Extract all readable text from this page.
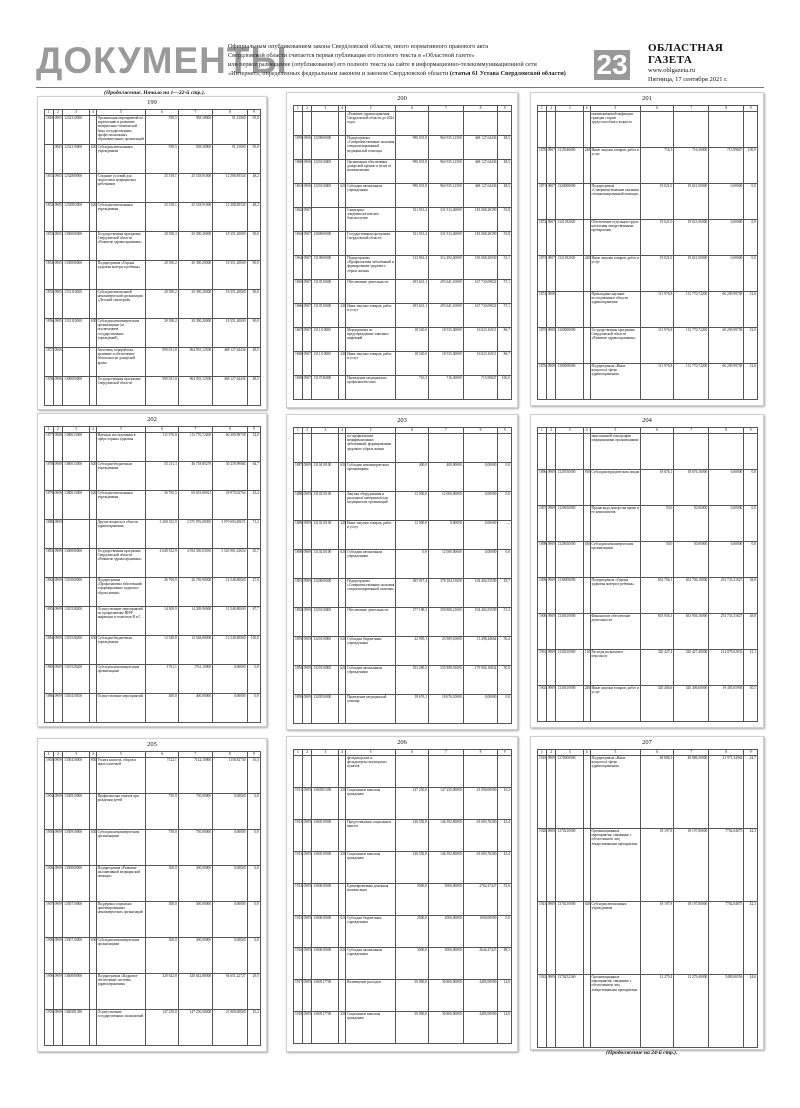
ДОКУМЕНТЫ
Официальным опубликованием закона Свердловской области, иного нормативного правового акта
Свердловской области считается первая публикация его полного текста в «Областной газете»
или первое размещение (опубликование) его полного текста на сайте в информационно-телекоммуникационной сети
«Интернет», определенных федеральным законом и законом Свердловской области (статья 61 Устава Свердловской области)	23
ОБЛАСТНАЯ ГАЗЕТА
www.oblgazeta.ru
Пятница, 17 сентября 2021 г.
(Продолжение. Начало на 1—22-й стр.).
(Продолжение на 24-й стр.).
199
1	2	3	4	5	6	7	8	9
1849.	0905	1232310000		Организация мероприятий по укреплению и развитию материально-технической базы государственных профессиональных образовательных организаций	958,5	958,58000	91,15000	95,0
	0905	1232310000	620	Субсидии автономным учреждениям	958,5	958,58000	91,15000	95,0
1851.	0905	1232800000		Создание условий для подготовки медицинских работников	25 518,1	25 518,91000	12 308,85334	48,2
1852.	0905	1232803000	620	Субсидии автономным учреждениям	25 518,1	25 518,91000	12 308,85334	48,2
1853.	0905	1300000000		Государственная программа Свердловской области «Развитие здравоохранения»	20 390,3	20 390,20000	18 351,20000	90,0
1854.	0905	1330000000		Подпрограмма «Охрана здоровья матери и ребенка»	20 390,2	20 390,20000	18 351,20000	90,0
1855.	0905	1331110000		Субсидии автономной некоммерческой организации «Детский санаторий»	20 390,2	20 390,20000	18 351,20000	90,0
1856.	0905	1331110000	630	Субсидии некоммерческим организациям (за исключением государственных учреждений)	20 390,2	20 390,20000	18 351,20000	90,0
1857.	0906			Заготовка, переработка, хранение и обеспечение безопасности донорской крови	990 031,8	964 935,12500	468 127,64436	48,5
1858.	0906	1300000000		Государственная программа Свердловской области	990 031,8	964 935,12500	468 127,64436	48,5
200
1	2	3	4	5	6	7	8	9
				«Развитие здравоохранения Свердловской области до 2024 года»				
1859.	0906	1320000000		Подпрограмма «Совершенствование оказания специализированной медицинской помощи»	990 031,8	964 935,12500	468 127,64436	48,5
1860.	0906	1320110000		Организация обеспечения донорской кровью и (или) ее компонентами	990 031,8	964 935,12500	468 127,64436	48,5
1861.	0906	1320110000	620	Субсидии автономным учреждениям	990 031,8	964 935,12500	468 127,64436	48,5
1862.	0907			Санитарно-эпидемиологическое благополучие	331 913,4	331 913,40000	183 068,28390	55,8
1863.	0907	1300000000		Государственная программа Свердловской области	331 913,4	331 913,40000	183 068,28390	55,8
1864.	0907	1310000000		Подпрограмма «Профилактика заболеваний и формирование здорового образа жизни»	312 861,4	312 492,40000	165 068,20030	53,1
1865.	0907	1310510000		Обеспечение деятельности	293 641,1	293 641,10000	167 730,09822	57,1
1866.	0907	1310510000	240	Иные закупки товаров, работ и услуг	293 641,1	293 641,10000	167 730,09822	57,1
1867.	0907	1311110000		Мероприятия по предупреждению завозных инфекций	18 520,0	18 535,00000	16 023,16911	86,7
1868.	0907	1311110000	240	Иные закупки товаров, работ и услуг	18 520,0	18 535,00000	16 023,16911	86,7
1869.	0907	1310746800		Проведение медицинских профилактических	716,3	716,30000	715,99847	100,0
201
1	2	3	4	5	6	7	8	9
				пневмококковой инфекции граждан старше трудоспособного возраста				
1870.	0907	1310546800	240	Иные закупки товаров, работ и услуг	716,3	716,30000	715,99847	100,0
1871.	0907	1320000000		Подпрограмма «Совершенствование оказания специализированной помощи»	19 021,0	19 021,00000	0,00000	0,0
1872.	0907	1321182020		Обеспечение отдельных групп населения лекарственными препаратами	19 021,0	19 021,00000	0,00000	0,0
1873.	0907	1321182020	240	Иные закупки товаров, работ и услуг	19 021,0	19 021,00000	0,00000	0,0
1874.	0908			Прикладные научные исследования в области здравоохранения	111 976,8	113 770,72200	60 209,99758	52,0
1875.	0908	1300000000		Государственная программа Свердловской области «Развитие здравоохранения»	111 976,8	113 770,72200	60 209,99758	52,0
1876.	0908	1380000000		Подпрограмма «Иные вопросы в сфере здравоохранения»	111 976,8	113 770,72200	60 209,99758	52,0
202
1	2	3	4	5	6	7	8	9
1877.	0908	1380613000		Научные исследования в сфере охраны здоровья	111 976,8	113 770,72200	60 209,99758	52,0
1878.	0908	1380613000	620	Субсидии бюджетным учреждениям	55 211,3	46 718,85279	30 239,99084	64,7
1879.	0908	1380613000	620	Субсидии автономным учреждениям	56 765,5	69 053,86921	29 970,02764	43,4
1880.	0909			Другие вопросы в области здравоохранения	3 268 352,9	3 575 976,09050	3 970 093,85671	71,2
1881.	0909	1300000000		Государственная программа Свердловской области «Развитие здравоохранения»	4 648 352,9	4 934 350,03550	3 545 901,43654	65,7
1882.	0909	1310000000		Подпрограмма «Профилактика заболеваний и формирование здорового образа жизни»	26 769,9	26 769,90000	12 548,80000	47,0
1883.	0909	1310528200		Осуществление мероприятий по профилактике ВИЧ-инфекции и гепатитов B и C	14 309,9	14 309,90000	12 548,80000	87,7
1884.	0909	1310528200	630	Субсидии бюджетным учреждениям	12 548,8	12 548,80000	12 548,80000	100,0
1885.	0909	1310528200		Субсидии некоммерческим организациям	1761,1	1761,10000	0,00000	0,0
1886.	0909	1310410100		Осуществление мероприятий	400,0	400,00000	0,00000	0,0
203
1	2	3	4	5	6	7	8	9
				по профилактике неинфекционных заболеваний, формированию здорового образа жизни				
1887.	0909	1310410100	630	Субсидии некоммерческим организациям	400,0	400,00000	0,00000	0,0
1888.	0909	1310210100		Закупка оборудования и расходных материалов для медицинских организаций	12 000,0	12 000,00000	0,00000	0,0
1889.	0909	1310210100	240	Иные закупки товаров, работ и услуг	12 000,0	0,00000	0,00000	—
1890.	0909	1310210100	620	Субсидии автономным учреждениям	0,0	12 000,00000	0,00000	0,0
1891.	0909	1320000000		Подпрограмма «Совершенствование оказания специализированной помощи»	385 917,4	378 104,13000	194 404,55509	49,7
1892.	0909	1320110000		Обеспечение деятельности	377 188,3	359 808,21000	194 404,55509	51,3
1893.	0909	1320110000	620	Субсидии бюджетным учреждениям	22 905,1	23 909,10000	13 498,44664	56,4
1894.	0909	1320110000	620	Субсидии автономным учреждениям	353 280,2	335 898,91000	179 906,10842	50,9
1895.	0909	1320550000		Проведение медицинской помощи	18 676,1	18 676,10000	0,00000	0,0
204
1	2	3	4	5	6	7	8	9
				эмиссионной томографии медицинскими организациями				
1896.	0909	1320550000	810	Субсидии юридическим лицам	18 676,1	18 676,10000	0,00000	0,0
1897.	0909	1320650000		Пропаганда донорства крови и ее компонентов	50,0	50,00000	0,00000	0,0
1898.	0909	1320650000	630	Субсидии некоммерческим организациям	50,0	50,00000	0,00000	0,0
1899.	0909	1330000000		Подпрограмма «Охрана здоровья матери и ребенка»	654 706,1	654 706,10000	253 733,31827	38,8
1900.	0909	1330410000		Финансовое обеспечение деятельности	653 956,1	653 956,10000	253 733,31827	38,8
1901.	0909	1330410000	110	Расходы на выплаты персоналу	320 427,4	320 427,40000	214 079,02833	41,1
1902.	0909	1330410000	240	Иные закупки товаров, работ и услуг	326 406,6	326 406,60000	39 405,65994	30,5
205
1	2	3	4	5	6	7	8	9
1903.	0909	1330410000	850	Уплата налогов, сборов и иных платежей	7122,1	7122,10000	1158,82730	16,3
1904.	0909	1330910000		Профилактика отказов при рождении детей	750,0	750,00000	0,00000	0,0
1905.	0909	1330910000	630	Субсидии некоммерческим организациям	750,0	750,00000	0,00000	0,0
1906.	0909	1350000000		Подпрограмма «Развитие паллиативной медицинской помощи»	300,0	300,00000	0,00000	0,0
1907.	0909	1350710000		Поддержка социально ориентированных некоммерческих организаций	300,0	300,00000	0,00000	0,0
1908.	0909	1350710000	630	Субсидии некоммерческим организациям	300,0	300,00000	0,00000	0,0
1909.	0909	1360000000		Подпрограмма «Кадровое обеспечение системы здравоохранения»	320 642,8	320 642,80000	94 651,22727	29,5
1910.	0909	1360581390		Осуществление государственных полномочий	147 250,0	147 250,00000	23 900,00000	16,2
206
1	2	3	4	5	6	7	8	9
				фельдшерских и фельдшерско-акушерских пунктов				
1911.	0909	1360581390	320	Социальные выплаты гражданам	147 250,0	147 250,00000	23 900,00000	16,2
1912.	0909	1360510000		Предоставление социальных выплат	146 592,8	146 592,80000	63 683,76300	43,4
1913.	0909	1360510000	320	Социальные выплаты гражданам	146 592,8	146 592,80000	63 683,76300	43,4
1914.	0909	1360610000		Единовременная денежная компенсация	5000,0	5000,00000	2702,47427	55,6
1915.	0909	1360610000	610	Субсидии бюджетным учреждениям	2000,0	2000,00000	1000,00000	0,0
1916.	0909	1360610000	620	Субсидии автономным учреждениям	3000,0	3000,00000	2644,47427	88,1
1917.	0909	1360517700		Возмещение расходов	30 800,0	30 800,00000	4485,00000	14,6
1918.	0909	1360517700	320	Социальные выплаты гражданам	30 800,0	30 800,00000	4485,00000	14,6
207
1	2	3	4	5	6	7	8	9
1919.	0909	1370000000		Подпрограмма «Иные вопросы в сфере здравоохранения»	48 886,5	48 886,50000	21 971,34962	44,7
1920.	0909	1370210000		Организационные мероприятия, связанные с обеспечением лиц лекарственными препаратами	18 197,8	18 197,80000	7702,04875	42,3
1921.	0909	1370210000	620	Субсидии автономным учреждениям	18 197,8	18 197,80000	7702,04875	42,3
1922.	0909	1370252160		Организационные мероприятия, связанные с обеспечением лиц лекарственными препаратами	12 279,4	12 279,40000	5480,06556	44,6
